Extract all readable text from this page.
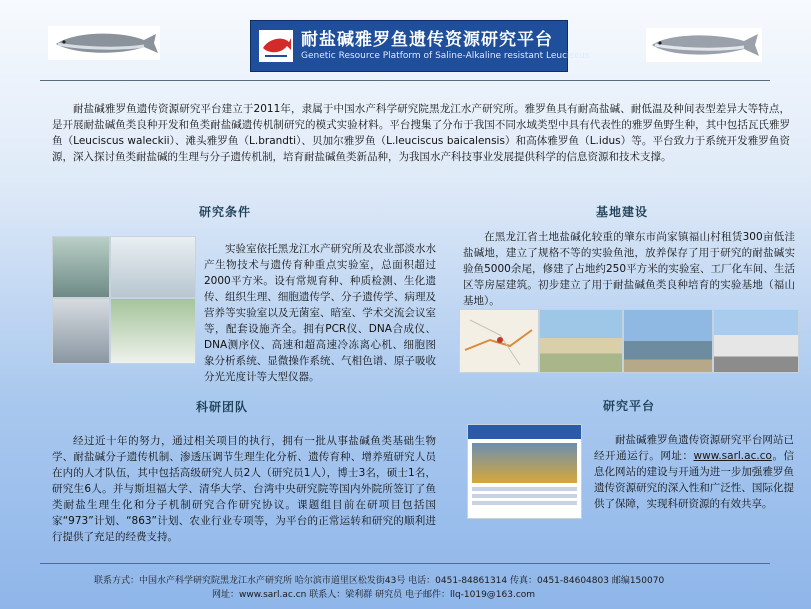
耐盐碱雅罗鱼遗传资源研究平台
Genetic Resource Platform of Saline-Alkaline resistant Leuciscus
耐盐碱雅罗鱼遗传资源研究平台建立于2011年，隶属于中国水产科学研究院黑龙江水产研究所。雅罗鱼具有耐高盐碱、耐低温及种间表型差异大等特点，是开展耐盐碱鱼类良种开发和鱼类耐盐碱遗传机制研究的模式实验材料。平台搜集了分布于我国不同水域类型中具有代表性的雅罗鱼野生种，其中包括瓦氏雅罗鱼（Leuciscus waleckii）、滩头雅罗鱼（L.brandti）、贝加尔雅罗鱼（L.leuciscus baicalensis）和高体雅罗鱼（L.idus）等。平台致力于系统开发雅罗鱼资源，深入探讨鱼类耐盐碱的生理与分子遗传机制，培育耐盐碱鱼类新品种，为我国水产科技事业发展提供科学的信息资源和技术支撑。
研究条件
实验室依托黑龙江水产研究所及农业部淡水水产生物技术与遗传育种重点实验室，总面积超过2000平方米。设有常规育种、种质检测、生化遗传、组织生理、细胞遗传学、分子遗传学、病理及营养等实验室以及无菌室、暗室、学术交流会议室等，配套设施齐全。拥有PCR仪、DNA合成仪、DNA测序仪、高速和超高速冷冻离心机、细胞图象分析系统、显微操作系统、气相色谱、原子吸收分光光度计等大型仪器。
基地建设
在黑龙江省土地盐碱化较重的肇东市尚家镇福山村租赁300亩低洼盐碱地，建立了规格不等的实验鱼池，放养保存了用于研究的耐盐碱实验鱼5000余尾，修建了占地约250平方米的实验室、工厂化车间、生活区等房屋建筑。初步建立了用于耐盐碱鱼类良种培育的实验基地（福山基地）。
科研团队
经过近十年的努力，通过相关项目的执行，拥有一批从事盐碱鱼类基础生物学、耐盐碱分子遗传机制、渗透压调节生理生化分析、遗传育种、增养殖研究人员在内的人才队伍，其中包括高级研究人员2人（研究员1人），博士3名，硕士1名，研究生6人。并与斯坦福大学、清华大学、台湾中央研究院等国内外院所签订了鱼类耐盐生理生化和分子机制研究合作研究协议。课题组目前在研项目包括国家“973”计划、“863”计划、农业行业专项等，为平台的正常运转和研究的顺利进行提供了充足的经费支持。
研究平台
耐盐碱雅罗鱼遗传资源研究平台网站已经开通运行。网址：www.sarl.ac.co。信息化网站的建设与开通为进一步加强雅罗鱼遗传资源研究的深入性和广泛性、国际化提供了保障，实现科研资源的有效共享。
联系方式：中国水产科学研究院黑龙江水产研究所 哈尔滨市道里区松发街43号 电话：0451-84861314 传真：0451-84604803 邮编150070
网址：www.sarl.ac.cn 联系人：梁利群 研究员 电子邮件：llq-1019@163.com
